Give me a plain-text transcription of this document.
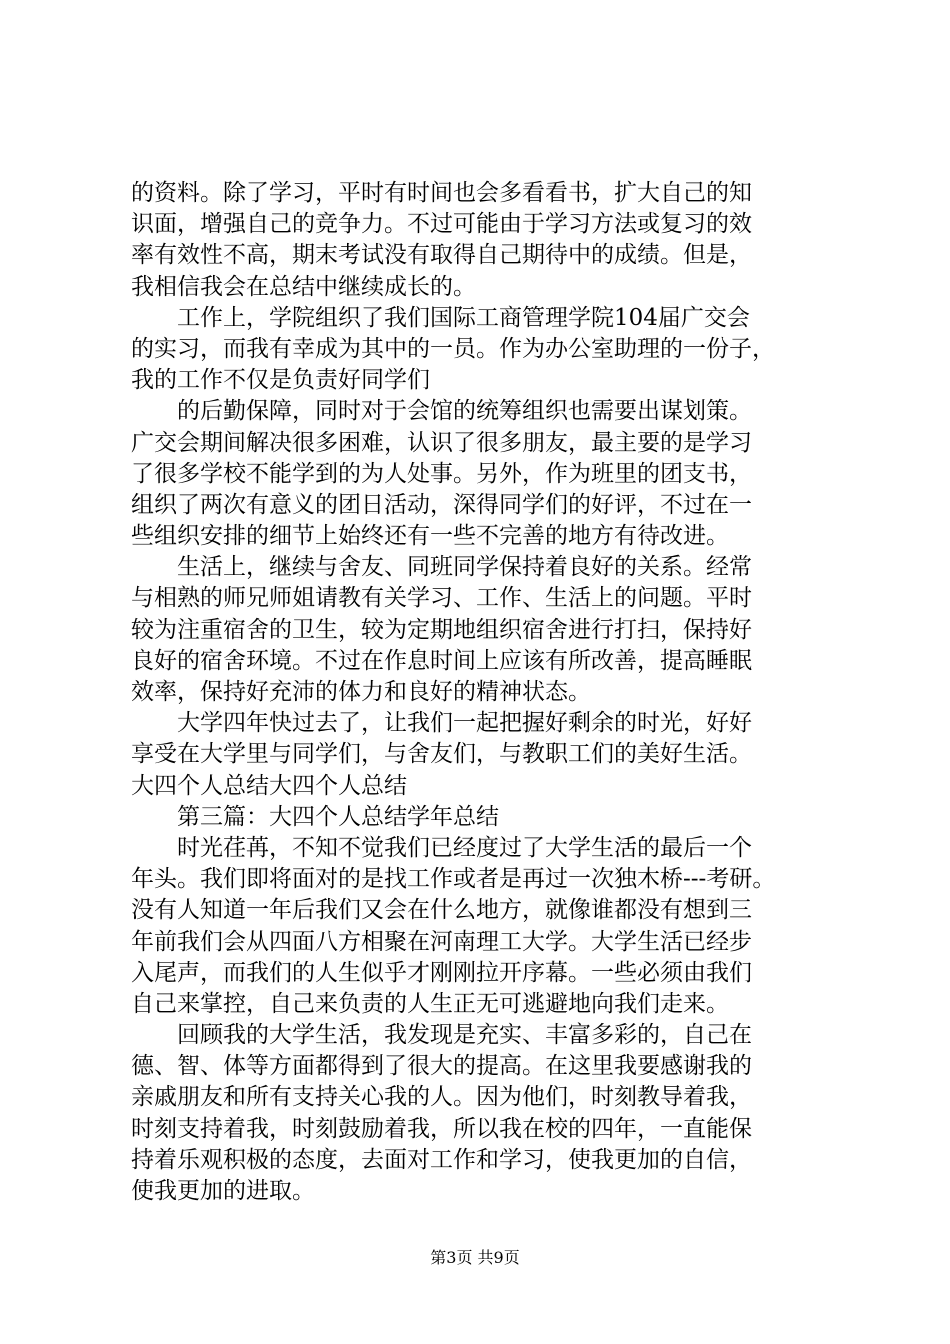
的资料。除了学习，平时有时间也会多看看书，扩大自己的知
识面，增强自己的竞争力。不过可能由于学习方法或复习的效
率有效性不高，期末考试没有取得自己期待中的成绩。但是，
我相信我会在总结中继续成长的。
工作上，学院组织了我们国际工商管理学院104届广交会
的实习，而我有幸成为其中的一员。作为办公室助理的一份子，
我的工作不仅是负责好同学们
的后勤保障，同时对于会馆的统筹组织也需要出谋划策。
广交会期间解决很多困难，认识了很多朋友，最主要的是学习
了很多学校不能学到的为人处事。另外，作为班里的团支书，
组织了两次有意义的团日活动，深得同学们的好评，不过在一
些组织安排的细节上始终还有一些不完善的地方有待改进。
生活上，继续与舍友、同班同学保持着良好的关系。经常
与相熟的师兄师姐请教有关学习、工作、生活上的问题。平时
较为注重宿舍的卫生，较为定期地组织宿舍进行打扫，保持好
良好的宿舍环境。不过在作息时间上应该有所改善，提高睡眠
效率，保持好充沛的体力和良好的精神状态。
大学四年快过去了，让我们一起把握好剩余的时光，好好
享受在大学里与同学们，与舍友们，与教职工们的美好生活。
大四个人总结大四个人总结
第三篇：大四个人总结学年总结
时光荏苒，不知不觉我们已经度过了大学生活的最后一个
年头。我们即将面对的是找工作或者是再过一次独木桥---考研。
没有人知道一年后我们又会在什么地方，就像谁都没有想到三
年前我们会从四面八方相聚在河南理工大学。大学生活已经步
入尾声，而我们的人生似乎才刚刚拉开序幕。一些必须由我们
自己来掌控，自己来负责的人生正无可逃避地向我们走来。
回顾我的大学生活，我发现是充实、丰富多彩的，自己在
德、智、体等方面都得到了很大的提高。在这里我要感谢我的
亲戚朋友和所有支持关心我的人。因为他们，时刻教导着我，
时刻支持着我，时刻鼓励着我，所以我在校的四年，一直能保
持着乐观积极的态度，去面对工作和学习，使我更加的自信，
使我更加的进取。
第3页 共9页
